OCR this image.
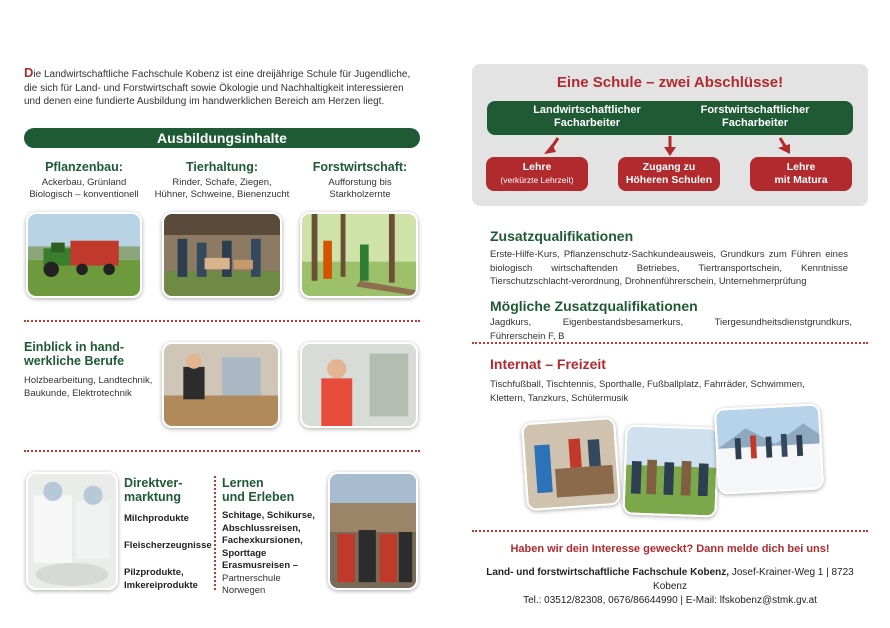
Die Landwirtschaftliche Fachschule Kobenz ist eine dreijährige Schule für Jugendliche, die sich für Land- und Forstwirtschaft sowie Ökologie und Nachhaltigkeit interessieren und denen eine fundierte Ausbildung im handwerklichen Bereich am Herzen liegt.

Ausbildungsinhalte
Pflanzenbau:
Ackerbau, Grünland
Biologisch – konventionell
Tierhaltung:
Rinder, Schafe, Ziegen,
Hühner, Schweine, Bienenzucht
Forstwirtschaft:
Aufforstung bis
Starkholzernte
Einblick in hand-
werkliche Berufe
Holzbearbeitung, Landtechnik,
Baukunde, Elektrotechnik
Direktver-
marktung
Milchprodukte
Fleischerzeugnisse
Pilzprodukte,
Imkereiprodukte
Lernen
und Erleben
Schitage, Schikurse,
Abschlussreisen,
Fachexkursionen,
Sporttage
Erasmusreisen –
Partnerschule Norwegen
Eine Schule – zwei Abschlüsse!
Landwirtschaftlicher
Facharbeiter
Forstwirtschaftlicher
Facharbeiter
Lehre
(verkürzte Lehrzeit)
Zugang zu
Höheren Schulen
Lehre
mit Matura
Zusatzqualifikationen
Erste-Hilfe-Kurs, Pflanzenschutz-Sachkundeausweis, Grundkurs zum Führen eines biologisch wirtschaftenden Betriebes, Tiertransportschein, Kenntnisse Tierschutzschlacht-verordnung, Drohnenführerschein, Unternehmerprüfung
Mögliche Zusatzqualifikationen
Jagdkurs, Eigenbestandsbesamerkurs, Tiergesundheitsdienstgrundkurs, Führerschein F, B
Internat – Freizeit
Tischfußball, Tischtennis, Sporthalle, Fußballplatz, Fahrräder, Schwimmen, Klettern, Tanzkurs, Schülermusik
Haben wir dein Interesse geweckt? Dann melde dich bei uns!
Land- und forstwirtschaftliche Fachschule Kobenz, Josef-Krainer-Weg 1 | 8723 Kobenz
Tel.: 03512/82308, 0676/86644990 | E-Mail: lfskobenz@stmk.gv.at
